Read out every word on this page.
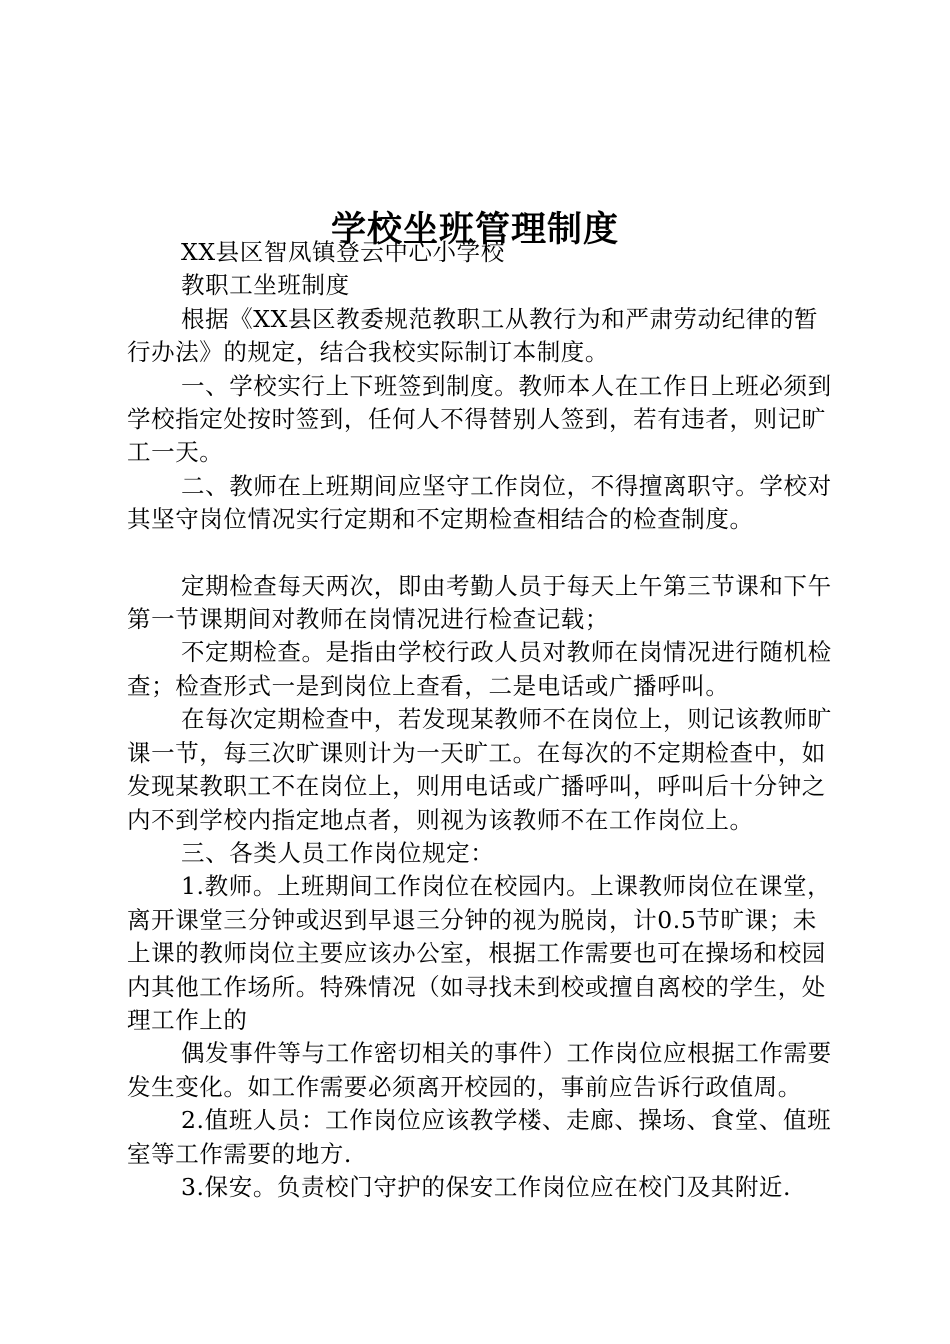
学校坐班管理制度

XX县区智凤镇登云中心小学校

教职工坐班制度

根据《XX县区教委规范教职工从教行为和严肃劳动纪律的暂行办法》的规定，结合我校实际制订本制度。

一、学校实行上下班签到制度。教师本人在工作日上班必须到学校指定处按时签到，任何人不得替别人签到，若有违者，则记旷工一天。

二、教师在上班期间应坚守工作岗位，不得擅离职守。学校对其坚守岗位情况实行定期和不定期检查相结合的检查制度。

定期检查每天两次，即由考勤人员于每天上午第三节课和下午第一节课期间对教师在岗情况进行检查记载；

不定期检查。是指由学校行政人员对教师在岗情况进行随机检查；检查形式一是到岗位上查看，二是电话或广播呼叫。

在每次定期检查中，若发现某教师不在岗位上，则记该教师旷课一节，每三次旷课则计为一天旷工。在每次的不定期检查中，如发现某教职工不在岗位上，则用电话或广播呼叫，呼叫后十分钟之内不到学校内指定地点者，则视为该教师不在工作岗位上。

三、各类人员工作岗位规定：

1.教师。上班期间工作岗位在校园内。上课教师岗位在课堂，离开课堂三分钟或迟到早退三分钟的视为脱岗，计0.5节旷课；未上课的教师岗位主要应该办公室，根据工作需要也可在操场和校园内其他工作场所。特殊情况（如寻找未到校或擅自离校的学生，处理工作上的

偶发事件等与工作密切相关的事件）工作岗位应根据工作需要发生变化。如工作需要必须离开校园的，事前应告诉行政值周。

2.值班人员：工作岗位应该教学楼、走廊、操场、食堂、值班室等工作需要的地方.

3.保安。负责校门守护的保安工作岗位应在校门及其附近.
